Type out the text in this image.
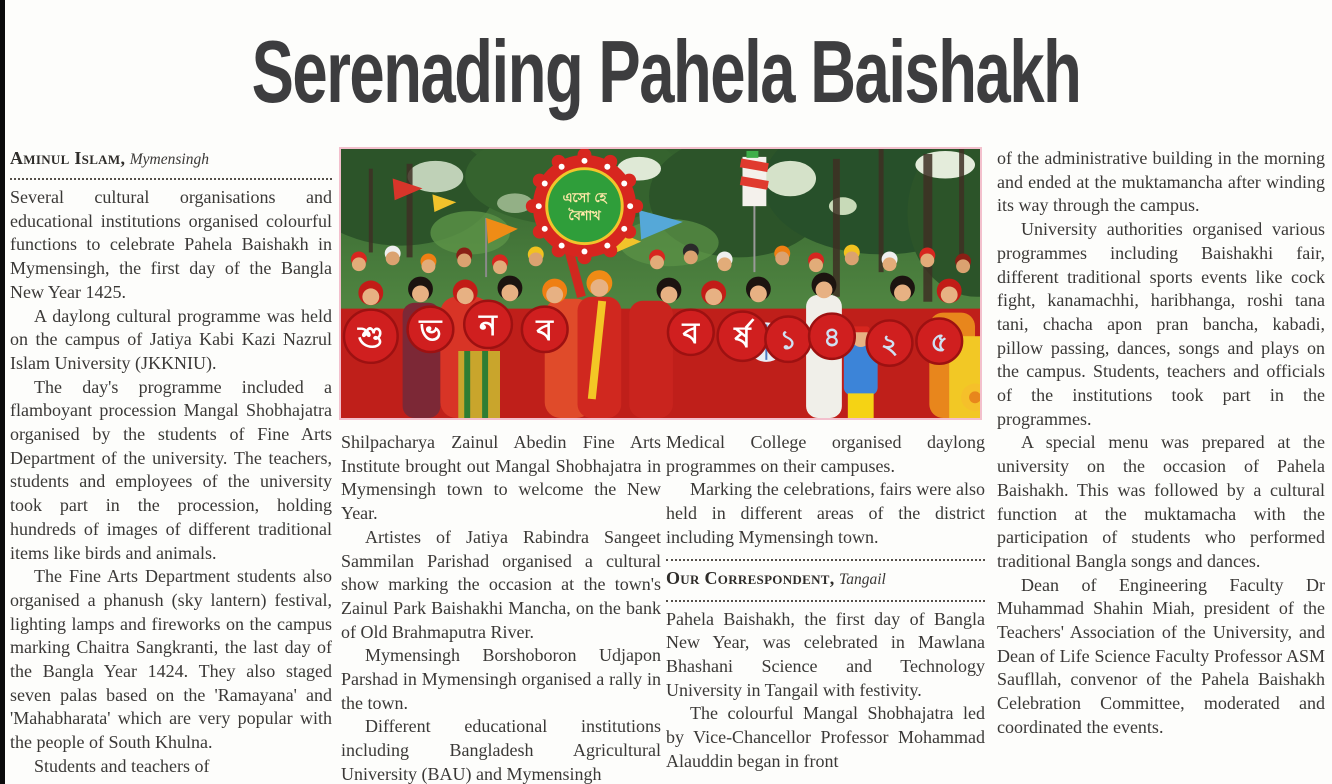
Serenading Pahela Baishakh
Aminul Islam, Mymensingh

Several cultural organisations and educational institutions organised colourful functions to celebrate Pahela Baishakh in Mymensingh, the first day of the Bangla New Year 1425.

A daylong cultural programme was held on the campus of Jatiya Kabi Kazi Nazrul Islam University (JKKNIU).

The day's programme included a flamboyant procession Mangal Shobhajatra organised by the students of Fine Arts Department of the university. The teachers, students and employees of the university took part in the procession, holding hundreds of images of different traditional items like birds and animals.

The Fine Arts Department students also organised a phanush (sky lantern) festival, lighting lamps and fireworks on the campus marking Chaitra Sangkranti, the last day of the Bangla Year 1424. They also staged seven palas based on the 'Ramayana' and 'Mahabharata' which are very popular with the people of South Khulna.

Students and teachers of

শু ভ ন ব	ব র্ষ ১ ৪ ২ ৫
এসো হে
বৈশাখ

Shilpacharya Zainul Abedin Fine Arts Institute brought out Mangal Shobhajatra in Mymensingh town to welcome the New Year.

Artistes of Jatiya Rabindra Sangeet Sammilan Parishad organised a cultural show marking the occasion at the town's Zainul Park Baishakhi Mancha, on the bank of Old Brahmaputra River.

Mymensingh Borshoboron Udjapon Parshad in Mymensingh organised a rally in the town.

Different educational institutions including Bangladesh Agricultural University (BAU) and Mymensingh

Medical College organised daylong programmes on their campuses.

Marking the celebrations, fairs were also held in different areas of the district including Mymensingh town.

Our Correspondent, Tangail

Pahela Baishakh, the first day of Bangla New Year, was celebrated in Mawlana Bhashani Science and Technology University in Tangail with festivity.

The colourful Mangal Shobhajatra led by Vice-Chancellor Professor Mohammad Alauddin began in front

of the administrative building in the morning and ended at the muktamancha after winding its way through the campus.

University authorities organised various programmes including Baishakhi fair, different traditional sports events like cock fight, kanamachhi, haribhanga, roshi tana tani, chacha apon pran bancha, kabadi, pillow passing, dances, songs and plays on the campus. Students, teachers and officials of the institutions took part in the programmes.

A special menu was prepared at the university on the occasion of Pahela Baishakh. This was followed by a cultural function at the muktamacha with the participation of students who performed traditional Bangla songs and dances.

Dean of Engineering Faculty Dr Muhammad Shahin Miah, president of the Teachers' Association of the University, and Dean of Life Science Faculty Professor ASM Saufllah, convenor of the Pahela Baishakh Celebration Committee, moderated and coordinated the events.
